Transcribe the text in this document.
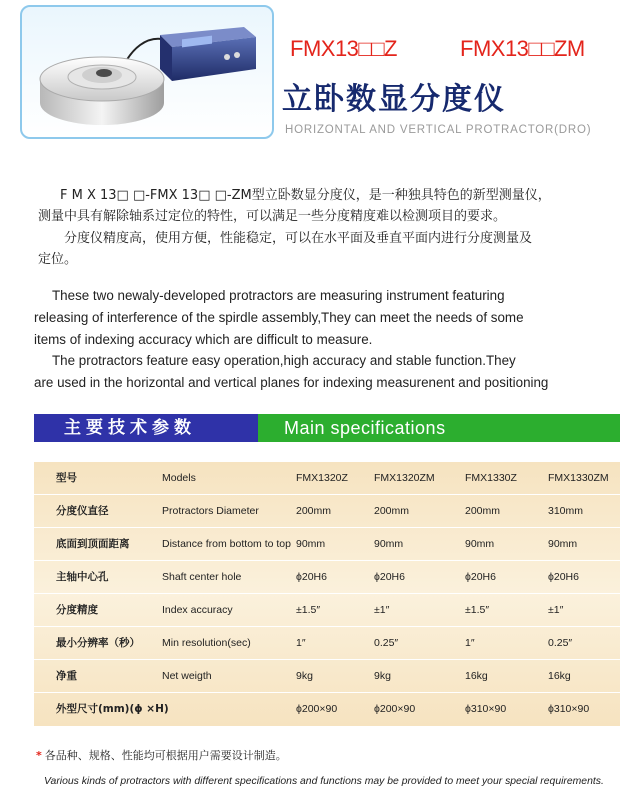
FMX13□□Z	FMX13□□ZM
立卧数显分度仪
HORIZONTAL AND VERTICAL PROTRACTOR(DRO)

F M X 13□ □-FMX 13□ □-ZM型立卧数显分度仪，是一种独具特色的新型测量仪，

测量中具有解除轴系过定位的特性，可以满足一些分度精度难以检测项目的要求。

分度仪精度高，使用方便，性能稳定，可以在水平面及垂直平面内进行分度测量及

定位。

These two newaly-developed protractors are measuring instrument featuring

releasing of interference of the spirdle assembly,They can meet the needs of some

items of indexing accuracy which are difficult to measure.

The protractors feature easy operation,high accuracy and stable function.They

are used in the horizontal and vertical planes for indexing measurenent and positioning

主要技术参数	Main specifications
型号	Models	FMX1320Z FMX1320ZM	FMX1330Z	FMX1330ZM
分度仪直径	Protractors Diameter	200mm	200mm	200mm	310mm
底面到顶面距离	Distance from bottom to top 90mm	90mm	90mm	90mm
主轴中心孔	Shaft center hole	ϕ20H6	ϕ20H6	ϕ20H6	ϕ20H6
分度精度	Index accuracy	±1.5″	±1″	±1.5″	±1″
最小分辨率（秒） Min resolution(sec)	1″	0.25″	1″	0.25″
净重	Net weigth	9kg	9kg	16kg	16kg
外型尺寸(mm)(ϕ ×H)	ϕ200×90	ϕ200×90	ϕ310×90	ϕ310×90
* 各品种、规格、性能均可根据用户需要设计制造。
Various kinds of protractors with different specifications and functions may be provided to meet your special requirements.
